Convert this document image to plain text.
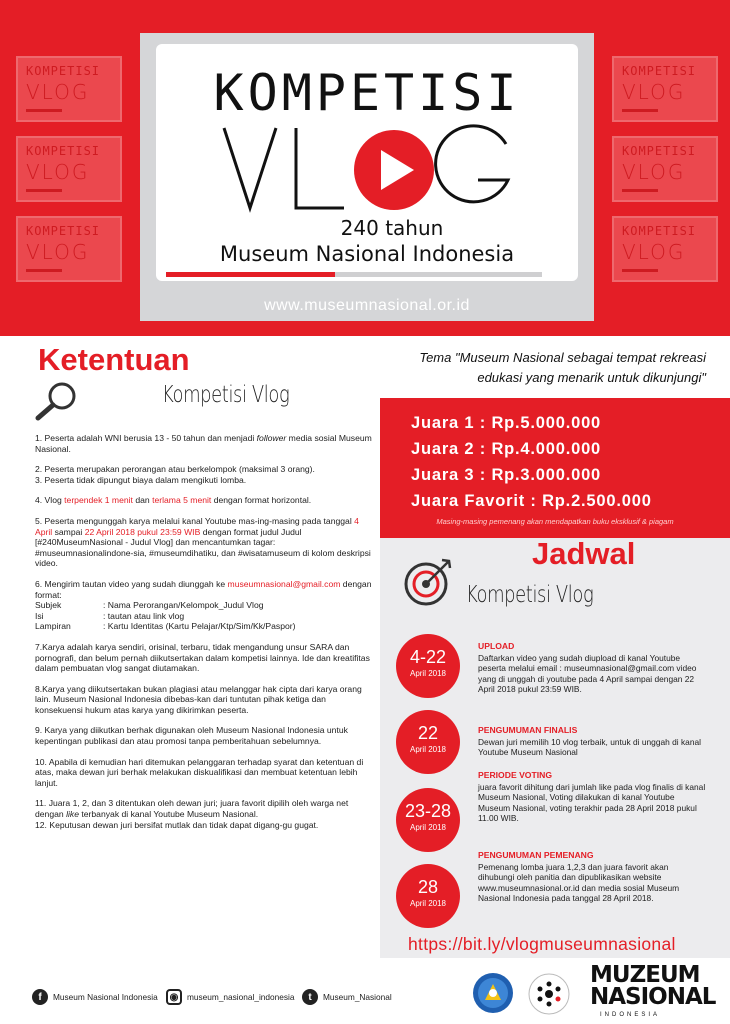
KOMPETISI
VLOG
KOMPETISI
VLOG
KOMPETISI
VLOG
KOMPETISI
VLOG
KOMPETISI
VLOG
KOMPETISI
VLOG
KOMPETISI
240 tahun
Museum Nasional Indonesia
www.museumnasional.or.id
Ketentuan
Kompetisi Vlog

1. Peserta adalah WNI berusia 13 - 50 tahun dan menjadi follower media sosial Museum Nasional.

2. Peserta merupakan perorangan atau berkelompok (maksimal 3 orang).

3. Peserta tidak dipungut biaya dalam mengikuti lomba.

4. Vlog terpendek 1 menit dan terlama 5 menit dengan format horizontal.

5. Peserta mengunggah karya melalui kanal Youtube mas-ing-masing pada tanggal 4 April sampai 22 April 2018 pukul 23:59 WIB dengan format judul Judul [#240MuseumNasional - Judul Vlog] dan mencantumkan tagar: #museumnasionalindone-sia, #museumdihatiku, dan #wisatamuseum di kolom deskripsi video.

6. Mengirim tautan video yang sudah diunggah ke museumnasional@gmail.com dengan format:

Subjek	: Nama Perorangan/Kelompok_Judul Vlog
Isi	: tautan atau link vlog
Lampiran	: Kartu Identitas (Kartu Pelajar/Ktp/Sim/Kk/Paspor)

7.Karya adalah karya sendiri, orisinal, terbaru, tidak mengandung unsur SARA dan pornografi, dan belum pernah diikutsertakan dalam kompetisi lainnya. Ide dan kreatifitas dalam pembuatan vlog sangat diutamakan.

8.Karya yang diikutsertakan bukan plagiasi atau melanggar hak cipta dari karya orang lain. Museum Nasional Indonesia dibebas-kan dari tuntutan pihak ketiga dan konsekuensi hukum atas karya yang dikirimkan peserta.

9. Karya yang diikutkan berhak digunakan oleh Museum Nasional Indonesia untuk kepentingan publikasi dan atau promosi tanpa pemberitahuan sebelumnya.

10. Apabila di kemudian hari ditemukan pelanggaran terhadap syarat dan ketentuan di atas, maka dewan juri berhak melakukan diskualifikasi dan membuat ketentuan lebih lanjut.

11. Juara 1, 2, dan 3 ditentukan oleh dewan juri; juara favorit dipilih oleh warga net dengan like terbanyak di kanal Youtube Museum Nasional.

12. Keputusan dewan juri bersifat mutlak dan tidak dapat digang-gu gugat.

Tema "Museum Nasional sebagai tempat rekreasi
edukasi yang menarik untuk dikunjungi"
Juara 1 : Rp.5.000.000
Juara 2 : Rp.4.000.000
Juara 3 : Rp.3.000.000
Juara Favorit : Rp.2.500.000
Masing-masing pemenang akan mendapatkan buku eksklusif & piagam
Jadwal
Kompetisi Vlog
4-22
April 2018
UPLOAD
Daftarkan video yang sudah diupload di kanal Youtube peserta melalui email : museumnasional@gmail.com video yang di unggah di youtube pada 4 April sampai dengan 22 April 2018 pukul 23:59 WIB.
22
April 2018
PENGUMUMAN FINALIS
Dewan juri memilih 10 vlog terbaik, untuk di unggah di kanal Youtube Museum Nasional
23-28
April 2018
PERIODE VOTING
juara favorit dihitung dari jumlah like pada vlog finalis di kanal Museum Nasional, Voting dilakukan di kanal Youtube Museum Nasional, voting terakhir pada 28 April 2018 pukul 11.00 WIB.
28
April 2018
PENGUMUMAN PEMENANG
Pemenang lomba juara 1,2,3 dan juara favorit akan dihubungi oleh panitia dan dipublikasikan website www.museumnasional.or.id dan media sosial Museum Nasional Indonesia pada tanggal 28 April 2018.
https://bit.ly/vlogmuseumnasional
f	Museum Nasional Indonesia	◉	museum_nasional_indonesia	t	Museum_Nasional
MUZEUM
NASIONAL
INDONESIA
